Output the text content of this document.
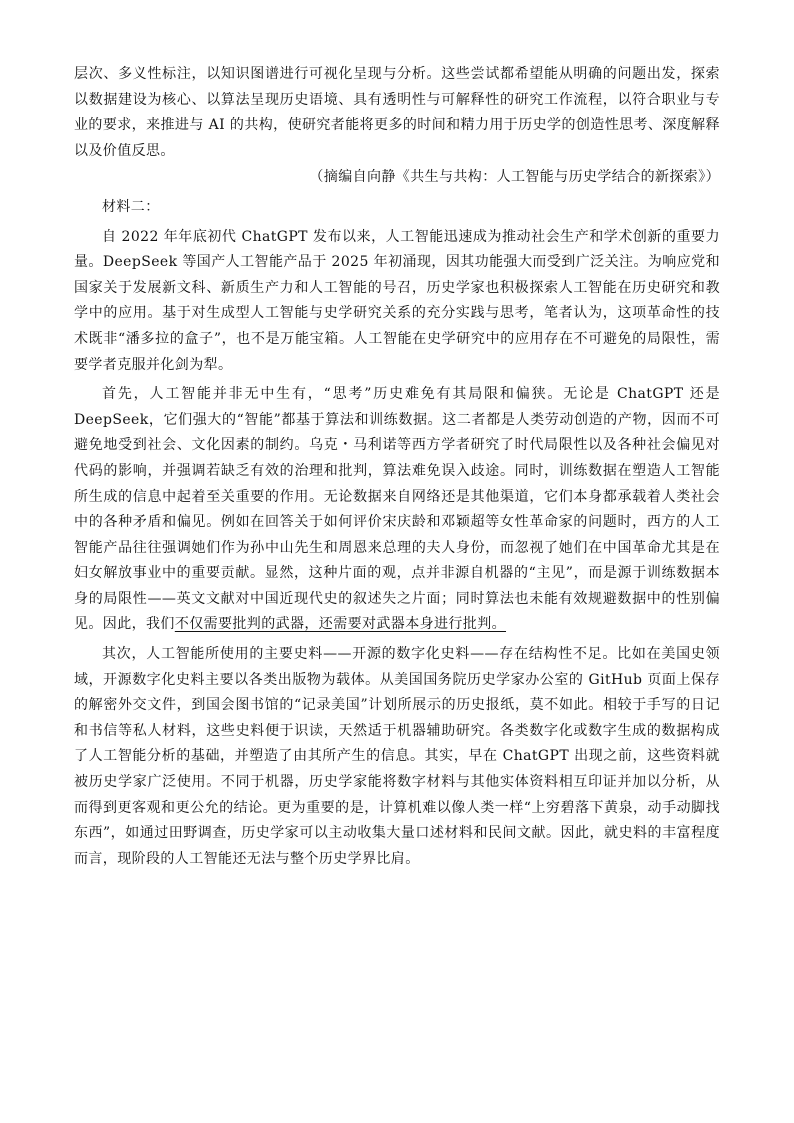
层次、多义性标注，以知识图谱进行可视化呈现与分析。这些尝试都希望能从明确的问题出发，探索以数据建设为核心、以算法呈现历史语境、具有透明性与可解释性的研究工作流程，以符合职业与专业的要求，来推进与 AI 的共构，使研究者能将更多的时间和精力用于历史学的创造性思考、深度解释以及价值反思。

（摘编自向静《共生与共构：人工智能与历史学结合的新探索》）

材料二：

自 2022 年年底初代 ChatGPT 发布以来，人工智能迅速成为推动社会生产和学术创新的重要力量。DeepSeek 等国产人工智能产品于 2025 年初涌现，因其功能强大而受到广泛关注。为响应党和国家关于发展新文科、新质生产力和人工智能的号召，历史学家也积极探索人工智能在历史研究和教学中的应用。基于对生成型人工智能与史学研究关系的充分实践与思考，笔者认为，这项革命性的技术既非“潘多拉的盒子”，也不是万能宝箱。人工智能在史学研究中的应用存在不可避免的局限性，需要学者克服并化剑为犁。

首先，人工智能并非无中生有，“思考”历史难免有其局限和偏狭。无论是 ChatGPT 还是 DeepSeek，它们强大的“智能”都基于算法和训练数据。这二者都是人类劳动创造的产物，因而不可避免地受到社会、文化因素的制约。乌克・马利诺等西方学者研究了时代局限性以及各种社会偏见对代码的影响，并强调若缺乏有效的治理和批判，算法难免误入歧途。同时，训练数据在塑造人工智能所生成的信息中起着至关重要的作用。无论数据来自网络还是其他渠道，它们本身都承载着人类社会中的各种矛盾和偏见。例如在回答关于如何评价宋庆龄和邓颖超等女性革命家的问题时，西方的人工智能产品往往强调她们作为孙中山先生和周恩来总理的夫人身份，而忽视了她们在中国革命尤其是在妇女解放事业中的重要贡献。显然，这种片面的观，点并非源自机器的“主见”，而是源于训练数据本身的局限性——英文文献对中国近现代史的叙述失之片面；同时算法也未能有效规避数据中的性别偏见。因此，我们不仅需要批判的武器，还需要对武器本身进行批判。

其次，人工智能所使用的主要史料——开源的数字化史料——存在结构性不足。比如在美国史领域，开源数字化史料主要以各类出版物为载体。从美国国务院历史学家办公室的 GitHub 页面上保存的解密外交文件，到国会图书馆的“记录美国”计划所展示的历史报纸，莫不如此。相较于手写的日记和书信等私人材料，这些史料便于识读，天然适于机器辅助研究。各类数字化或数字生成的数据构成了人工智能分析的基础，并塑造了由其所产生的信息。其实，早在 ChatGPT 出现之前，这些资料就被历史学家广泛使用。不同于机器，历史学家能将数字材料与其他实体资料相互印证并加以分析，从而得到更客观和更公允的结论。更为重要的是，计算机难以像人类一样“上穷碧落下黄泉，动手动脚找东西”，如通过田野调查，历史学家可以主动收集大量口述材料和民间文献。因此，就史料的丰富程度而言，现阶段的人工智能还无法与整个历史学界比肩。
